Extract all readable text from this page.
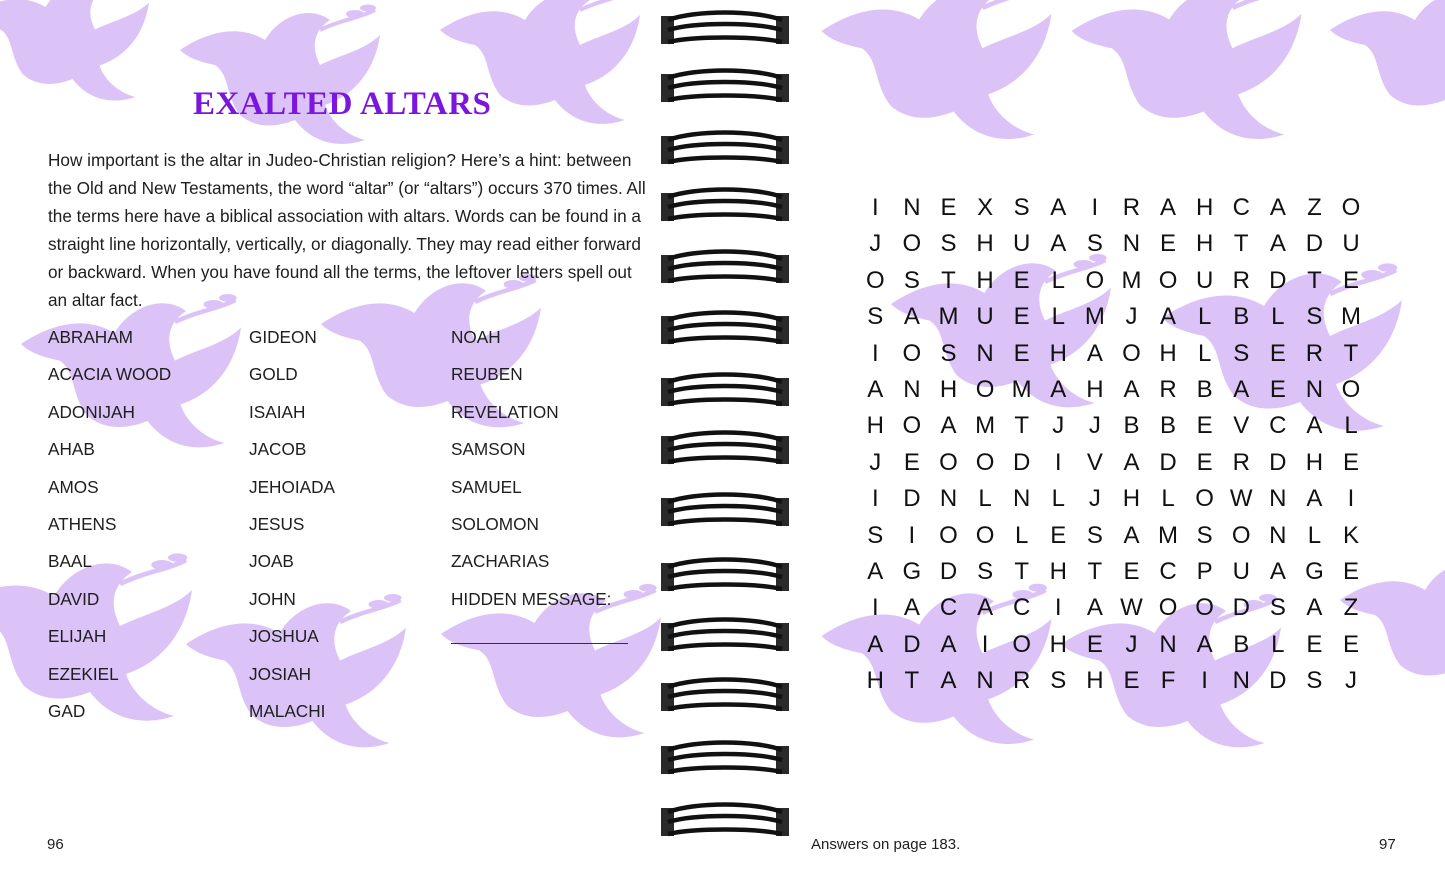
EXALTED ALTARS

How important is the altar in Judeo-Christian religion? Here’s a hint: between the Old and New Testaments, the word “altar” (or “altars”) occurs 370 times. All the terms here have a biblical association with altars. Words can be found in a straight line horizontally, vertically, or diagonally. They may read either forward or backward. When you have found all the terms, the leftover letters spell out an altar fact.

ABRAHAM
ACACIA WOOD
ADONIJAH
AHAB
AMOS
ATHENS
BAAL
DAVID
ELIJAH
EZEKIEL
GAD
GIDEON
GOLD
ISAIAH
JACOB
JEHOIADA
JESUS
JOAB
JOHN
JOSHUA
JOSIAH
MALACHI
NOAH
REUBEN
REVELATION
SAMSON
SAMUEL
SOLOMON
ZACHARIAS
HIDDEN MESSAGE:
96
I	N E X S A	I	R A H C A Z O
J O S H U A S N E H T A D U
O S T H E L O M O U R D T E
S A M U E L M J A L B L S M
I O S N E H A O H L S E R T
A N H O M A H A R B A E N O
H O A M T J	J B B E V C A L
J E O O D	I	V A D E R D H E
I	D N L N L J H L O W N A	I
S	I O O L E S A M S O N L K
A G D S T H T E C P U A G E
I	A C A C	I	A W O O D S A Z
A D A	I O H E J N A B L E E
H T A N R S H E F	I	N D S J
Answers on page 183.	97
